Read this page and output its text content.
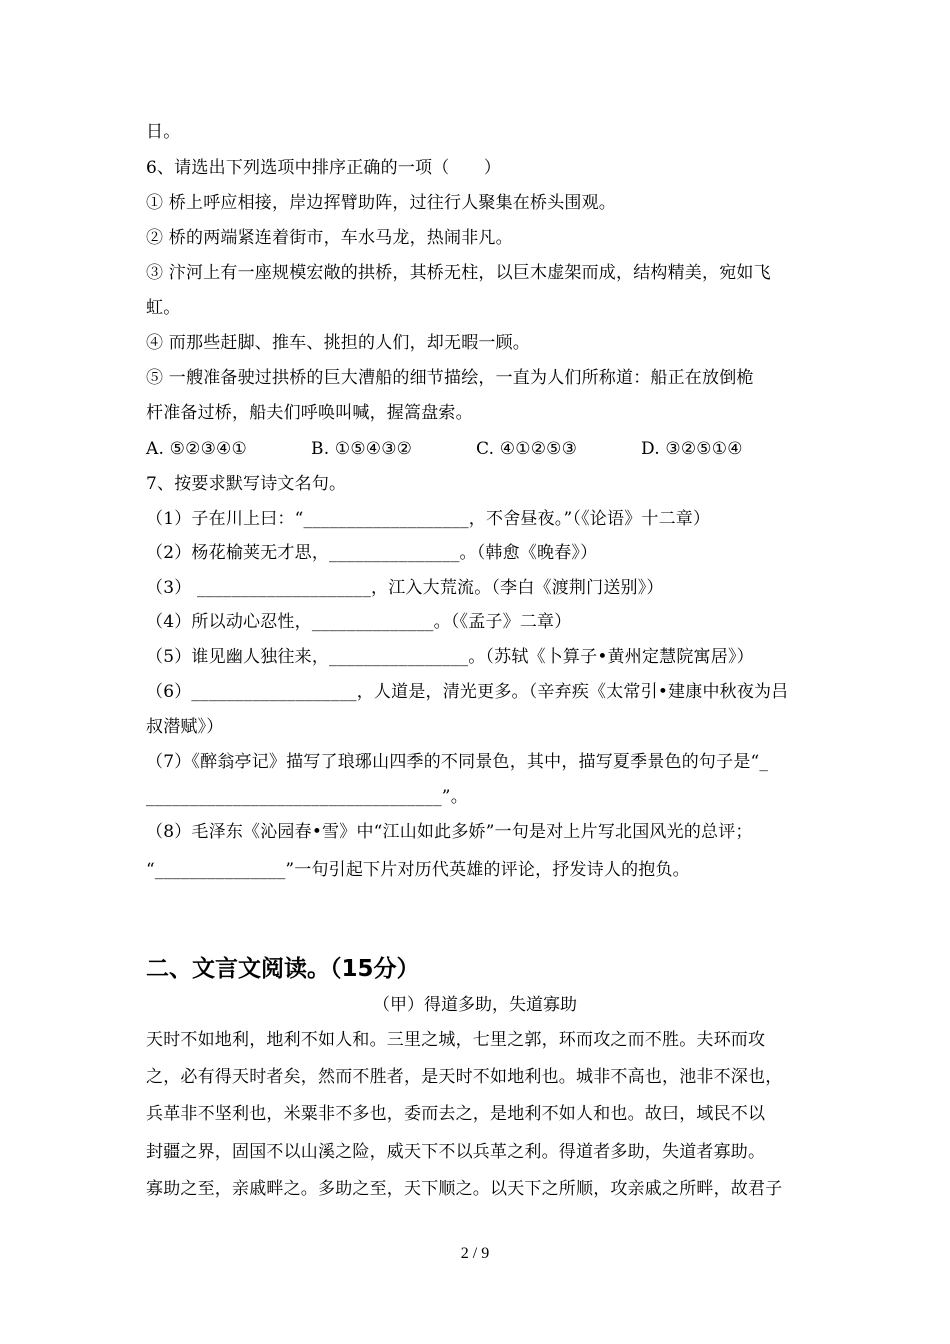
日。
6、请选出下列选项中排序正确的一项（　　）
① 桥上呼应相接，岸边挥臂助阵，过往行人聚集在桥头围观。
② 桥的两端紧连着街市，车水马龙，热闹非凡。
③ 汴河上有一座规模宏敞的拱桥，其桥无柱，以巨木虚架而成，结构精美，宛如飞
虹。
④ 而那些赶脚、推车、挑担的人们，却无暇一顾。
⑤ 一艘准备驶过拱桥的巨大漕船的细节描绘，一直为人们所称道：船正在放倒桅
杆准备过桥，船夫们呼唤叫喊，握篙盘索。
A. ⑤②③④①	B. ①⑤④③②	C. ④①②⑤③	D. ③②⑤①④
7、按要求默写诗文名句。
（1）子在川上曰：“___________________，不舍昼夜。”（《论语》十二章）
（2）杨花榆荚无才思，_______________。（韩愈《晚春》）
（3） ____________________，江入大荒流。（李白《渡荆门送别》）
（4）所以动心忍性，______________。（《孟子》二章）
（5）谁见幽人独往来，________________。（苏轼《卜算子•黄州定慧院寓居》）
（6）___________________，人道是，清光更多。（辛弃疾《太常引•建康中秋夜为吕
叔潜赋》）
（7）《醉翁亭记》描写了琅琊山四季的不同景色，其中，描写夏季景色的句子是“_
__________________________________”。
（8）毛泽东《沁园春•雪》中“江山如此多娇”一句是对上片写北国风光的总评；
“_______________”一句引起下片对历代英雄的评论，抒发诗人的抱负。
二、文言文阅读。（15分）
（甲）得道多助，失道寡助
天时不如地利，地利不如人和。三里之城，七里之郭，环而攻之而不胜。夫环而攻
之，必有得天时者矣，然而不胜者，是天时不如地利也。城非不高也，池非不深也，
兵革非不坚利也，米粟非不多也，委而去之，是地利不如人和也。故曰，域民不以
封疆之界，固国不以山溪之险，威天下不以兵革之利。得道者多助，失道者寡助。
寡助之至，亲戚畔之。多助之至，天下顺之。以天下之所顺，攻亲戚之所畔，故君子
2 / 9
